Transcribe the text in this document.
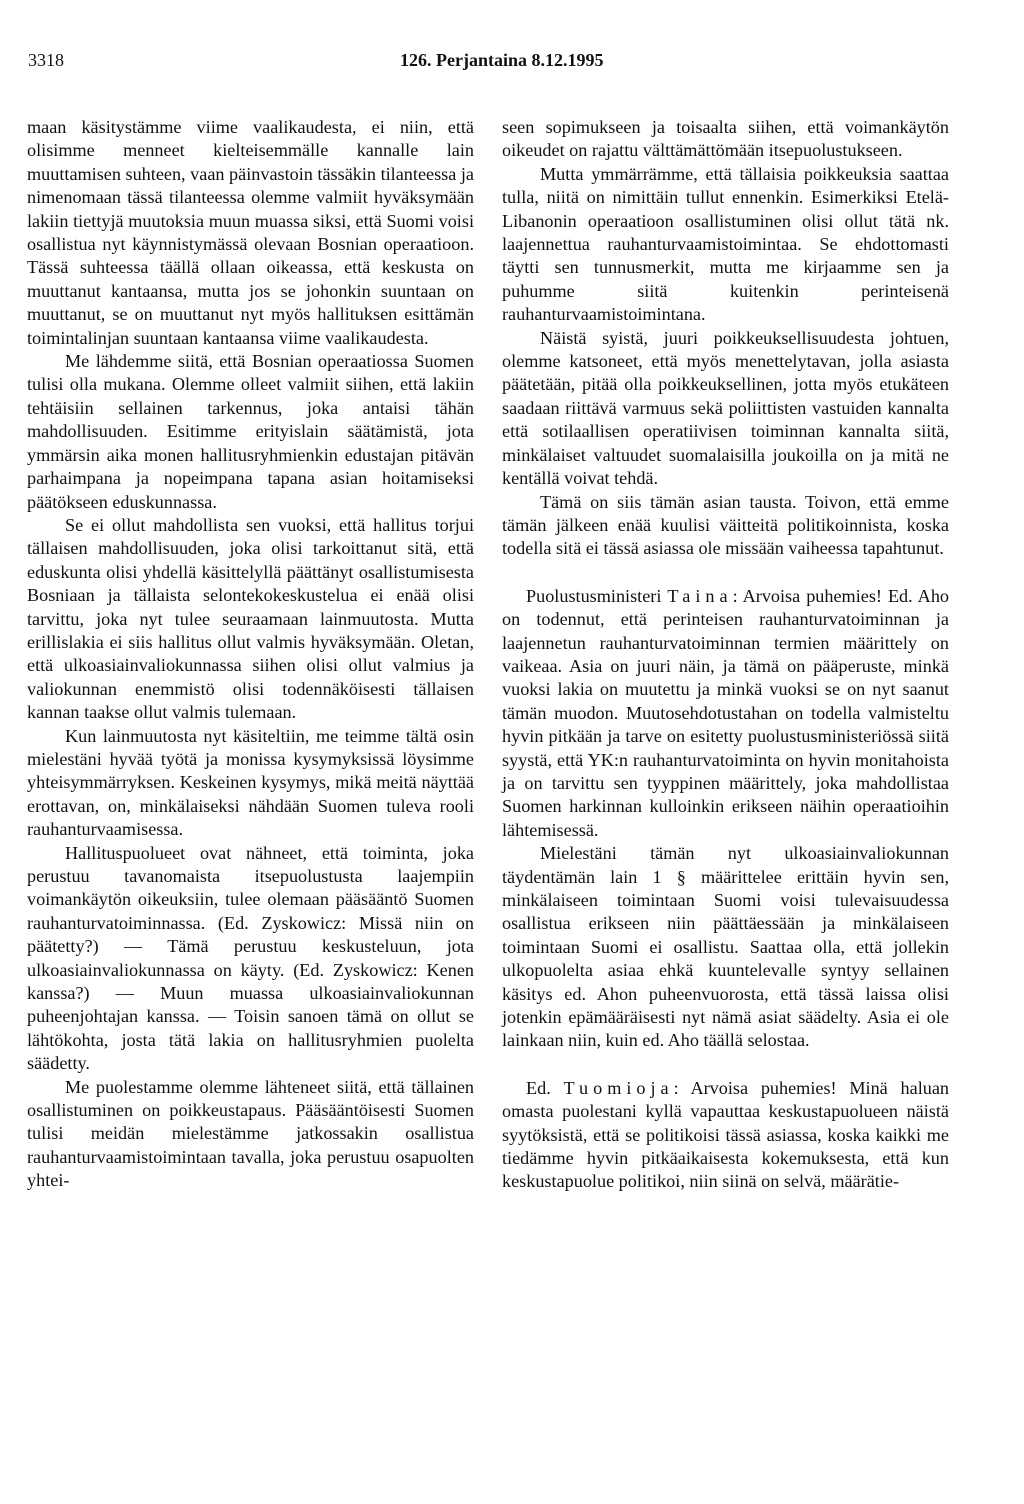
3318	126. Perjantaina 8.12.1995

maan käsitystämme viime vaalikaudesta, ei niin, että olisimme menneet kielteisemmälle kannalle lain muuttamisen suhteen, vaan päinvastoin tässäkin tilanteessa ja nimenomaan tässä tilanteessa olemme valmiit hyväksymään lakiin tiettyjä muutoksia muun muassa siksi, että Suomi voisi osallistua nyt käynnistymässä olevaan Bosnian operaatioon. Tässä suhteessa täällä ollaan oikeassa, että keskusta on muuttanut kantaansa, mutta jos se johonkin suuntaan on muuttanut, se on muuttanut nyt myös hallituksen esittämän toimintalinjan suuntaan kantaansa viime vaalikaudesta.

Me lähdemme siitä, että Bosnian operaatiossa Suomen tulisi olla mukana. Olemme olleet valmiit siihen, että lakiin tehtäisiin sellainen tarkennus, joka antaisi tähän mahdollisuuden. Esitimme erityislain säätämistä, jota ymmärsin aika monen hallitusryhmienkin edustajan pitävän parhaimpana ja nopeimpana tapana asian hoitamiseksi päätökseen eduskunnassa.

Se ei ollut mahdollista sen vuoksi, että hallitus torjui tällaisen mahdollisuuden, joka olisi tarkoittanut sitä, että eduskunta olisi yhdellä käsittelyllä päättänyt osallistumisesta Bosniaan ja tällaista selontekokeskustelua ei enää olisi tarvittu, joka nyt tulee seuraamaan lainmuutosta. Mutta erillislakia ei siis hallitus ollut valmis hyväksymään. Oletan, että ulkoasiainvaliokunnassa siihen olisi ollut valmius ja valiokunnan enemmistö olisi todennäköisesti tällaisen kannan taakse ollut valmis tulemaan.

Kun lainmuutosta nyt käsiteltiin, me teimme tältä osin mielestäni hyvää työtä ja monissa kysymyksissä löysimme yhteisymmärryksen. Keskeinen kysymys, mikä meitä näyttää erottavan, on, minkälaiseksi nähdään Suomen tuleva rooli rauhanturvaamisessa.

Hallituspuolueet ovat nähneet, että toiminta, joka perustuu tavanomaista itsepuolustusta laajempiin voimankäytön oikeuksiin, tulee olemaan pääsääntö Suomen rauhanturvatoiminnassa. (Ed. Zyskowicz: Missä niin on päätetty?) — Tämä perustuu keskusteluun, jota ulkoasiainvaliokunnassa on käyty. (Ed. Zyskowicz: Kenen kanssa?) — Muun muassa ulkoasiainvaliokunnan puheenjohtajan kanssa. — Toisin sanoen tämä on ollut se lähtökohta, josta tätä lakia on hallitusryhmien puolelta säädetty.

Me puolestamme olemme lähteneet siitä, että tällainen osallistuminen on poikkeustapaus. Pääsääntöisesti Suomen tulisi meidän mielestämme jatkossakin osallistua rauhanturvaamistoimintaan tavalla, joka perustuu osapuolten yhtei-

seen sopimukseen ja toisaalta siihen, että voimankäytön oikeudet on rajattu välttämättömään itsepuolustukseen.

Mutta ymmärrämme, että tällaisia poikkeuksia saattaa tulla, niitä on nimittäin tullut ennenkin. Esimerkiksi Etelä-Libanonin operaatioon osallistuminen olisi ollut tätä nk. laajennettua rauhanturvaamistoimintaa. Se ehdottomasti täytti sen tunnusmerkit, mutta me kirjaamme sen ja puhumme siitä kuitenkin perinteisenä rauhanturvaamistoimintana.

Näistä syistä, juuri poikkeuksellisuudesta johtuen, olemme katsoneet, että myös menettelytavan, jolla asiasta päätetään, pitää olla poikkeuksellinen, jotta myös etukäteen saadaan riittävä varmuus sekä poliittisten vastuiden kannalta että sotilaallisen operatiivisen toiminnan kannalta siitä, minkälaiset valtuudet suomalaisilla joukoilla on ja mitä ne kentällä voivat tehdä.

Tämä on siis tämän asian tausta. Toivon, että emme tämän jälkeen enää kuulisi väitteitä politikoinnista, koska todella sitä ei tässä asiassa ole missään vaiheessa tapahtunut.

Puolustusministeri Taina: Arvoisa puhemies! Ed. Aho on todennut, että perinteisen rauhanturvatoiminnan ja laajennetun rauhanturvatoiminnan termien määrittely on vaikeaa. Asia on juuri näin, ja tämä on pääperuste, minkä vuoksi lakia on muutettu ja minkä vuoksi se on nyt saanut tämän muodon. Muutosehdotustahan on todella valmisteltu hyvin pitkään ja tarve on esitetty puolustusministeriössä siitä syystä, että YK:n rauhanturvatoiminta on hyvin monitahoista ja on tarvittu sen tyyppinen määrittely, joka mahdollistaa Suomen harkinnan kulloinkin erikseen näihin operaatioihin lähtemisessä.

Mielestäni tämän nyt ulkoasiainvaliokunnan täydentämän lain 1 § määrittelee erittäin hyvin sen, minkälaiseen toimintaan Suomi voisi tulevaisuudessa osallistua erikseen niin päättäessään ja minkälaiseen toimintaan Suomi ei osallistu. Saattaa olla, että jollekin ulkopuolelta asiaa ehkä kuuntelevalle syntyy sellainen käsitys ed. Ahon puheenvuorosta, että tässä laissa olisi jotenkin epämääräisesti nyt nämä asiat säädelty. Asia ei ole lainkaan niin, kuin ed. Aho täällä selostaa.

Ed. Tuomioja: Arvoisa puhemies! Minä haluan omasta puolestani kyllä vapauttaa keskustapuolueen näistä syytöksistä, että se politikoisi tässä asiassa, koska kaikki me tiedämme hyvin pitkäaikaisesta kokemuksesta, että kun keskustapuolue politikoi, niin siinä on selvä, määrätie-
